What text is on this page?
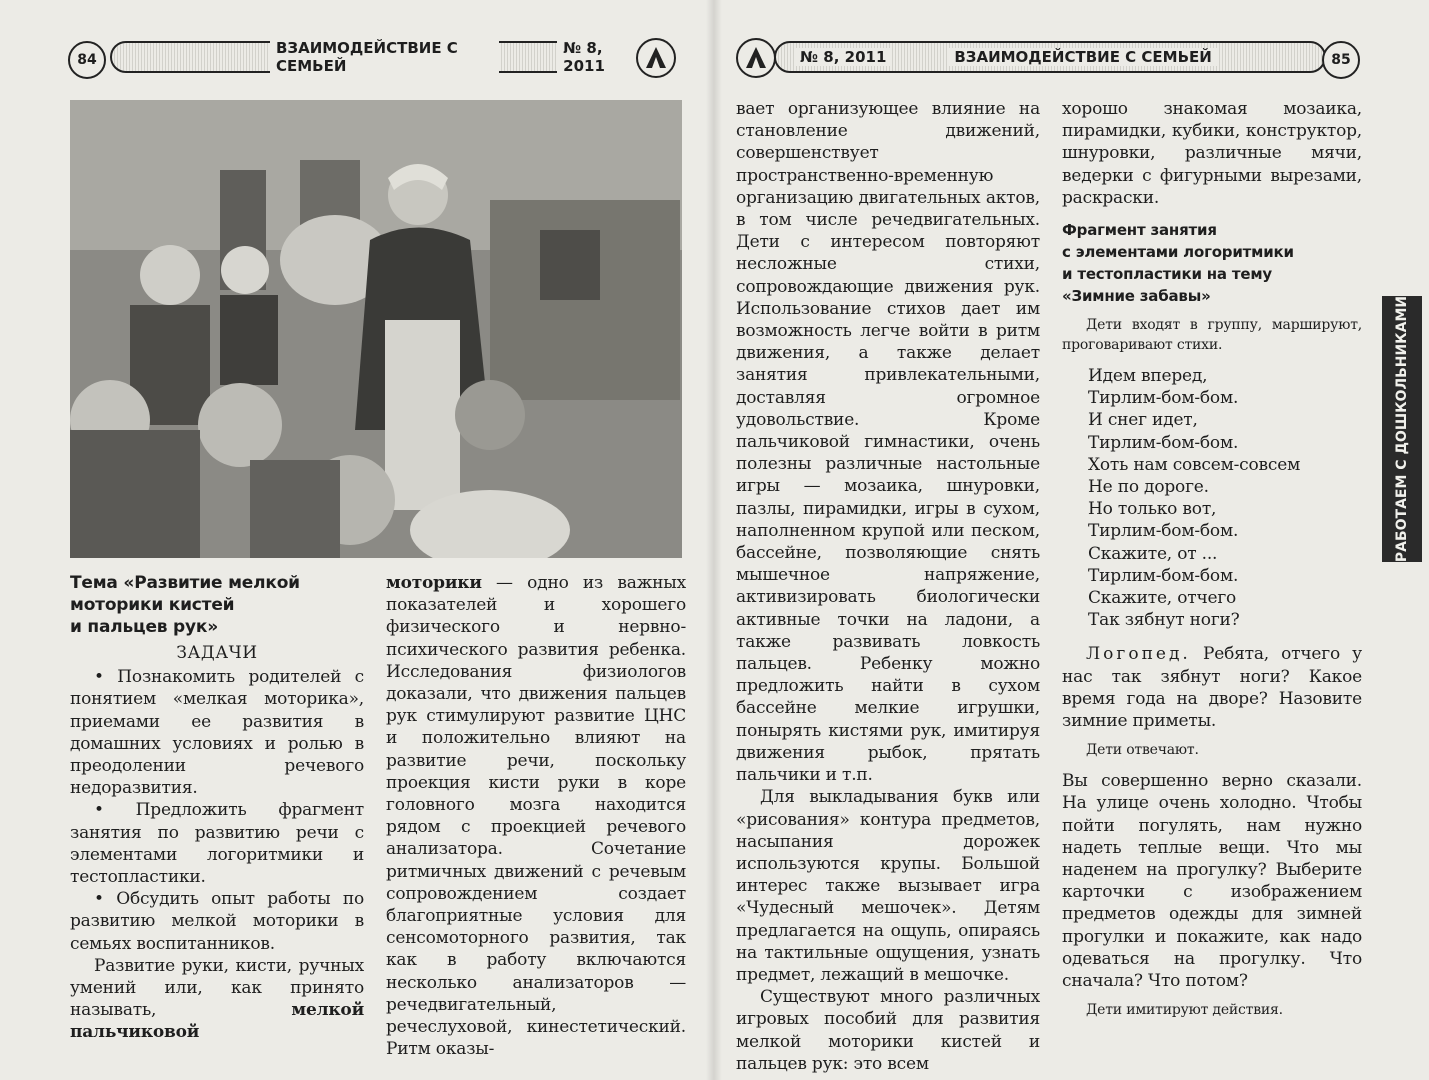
84
ВЗАИМОДЕЙСТВИЕ С СЕМЬЕЙ
№ 8, 2011	№ 8, 2011	ВЗАИМОДЕЙСТВИЕ С СЕМЬЕЙ	85

Тема «Развитие мелкой

моторики кистей

и пальцев рук»

ЗАДАЧИ

• Познакомить родителей с понятием «мелкая моторика», приемами ее развития в домашних условиях и ролью в преодолении речевого недоразвития.

• Предложить фрагмент занятия по развитию речи с элементами логоритмики и тестопластики.

• Обсудить опыт работы по развитию мелкой моторики в семьях воспитанников.

Развитие руки, кисти, ручных умений или, как принято называть,	мелкой пальчиковой

моторики — одно из важных показателей и хорошего физического и нервно-психического развития ребенка. Исследования физиологов доказали, что движения пальцев рук стимулируют развитие ЦНС и положительно влияют на развитие речи, поскольку проекция кисти руки в коре головного мозга находится рядом с проекцией речевого анализатора. Сочетание ритмичных движений с речевым сопровождением создает благоприятные условия для сенсомоторного развития, так как в работу включаются несколько анализаторов — речедвигательный, речеслуховой, кинестетический. Ритм оказы-

вает организующее влияние на становление движений, совершенствует пространственно-временную организацию двигательных актов, в том числе речедвигательных. Дети с интересом повторяют несложные стихи, сопровождающие движения рук. Использование стихов дает им возможность легче войти в ритм движения, а также делает занятия привлекательными, доставляя огромное удовольствие. Кроме пальчиковой гимнастики, очень полезны различные настольные игры — мозаика, шнуровки, пазлы, пирамидки, игры в сухом, наполненном крупой или песком, бассейне, позволяющие снять мышечное напряжение, активизировать биологически активные точки на ладони, а также развивать ловкость пальцев. Ребенку можно предложить найти в сухом бассейне мелкие игрушки, понырять кистями рук, имитируя движения рыбок, прятать пальчики и т.п.

Для выкладывания букв или «рисования» контура предметов, насыпания дорожек используются крупы. Большой интерес также вызывает игра «Чудесный мешочек». Детям предлагается на ощупь, опираясь на тактильные ощущения, узнать предмет, лежащий в мешочке.

Существуют много различных игровых пособий для развития мелкой моторики кистей и пальцев рук: это всем

хорошо знакомая мозаика, пирамидки, кубики, конструктор, шнуровки, различные мячи, ведерки с фигурными вырезами, раскраски.

Фрагмент занятия

с элементами логоритмики

и тестопластики на тему

«Зимние забавы»

Дети входят в группу, маршируют, проговаривают стихи.

Идем вперед,

Тирлим-бом-бом.

И снег идет,

Тирлим-бом-бом.

Хоть нам совсем-совсем

Не по дороге.

Но только вот,

Тирлим-бом-бом.

Скажите, от ...

Тирлим-бом-бом.

Скажите, отчего

Так зябнут ноги?

Логопед. Ребята, отчего у нас так зябнут ноги? Какое время года на дворе? Назовите зимние приметы.

Дети отвечают.

Вы совершенно верно сказали. На улице очень холодно. Чтобы пойти погулять, нам нужно надеть теплые вещи. Что мы наденем на прогулку? Выберите карточки с изображением предметов одежды для зимней прогулки и покажите, как надо одеваться на прогулку. Что сначала? Что потом?

Дети имитируют действия.

РАБОТАЕМ С ДОШКОЛЬНИКАМИ
